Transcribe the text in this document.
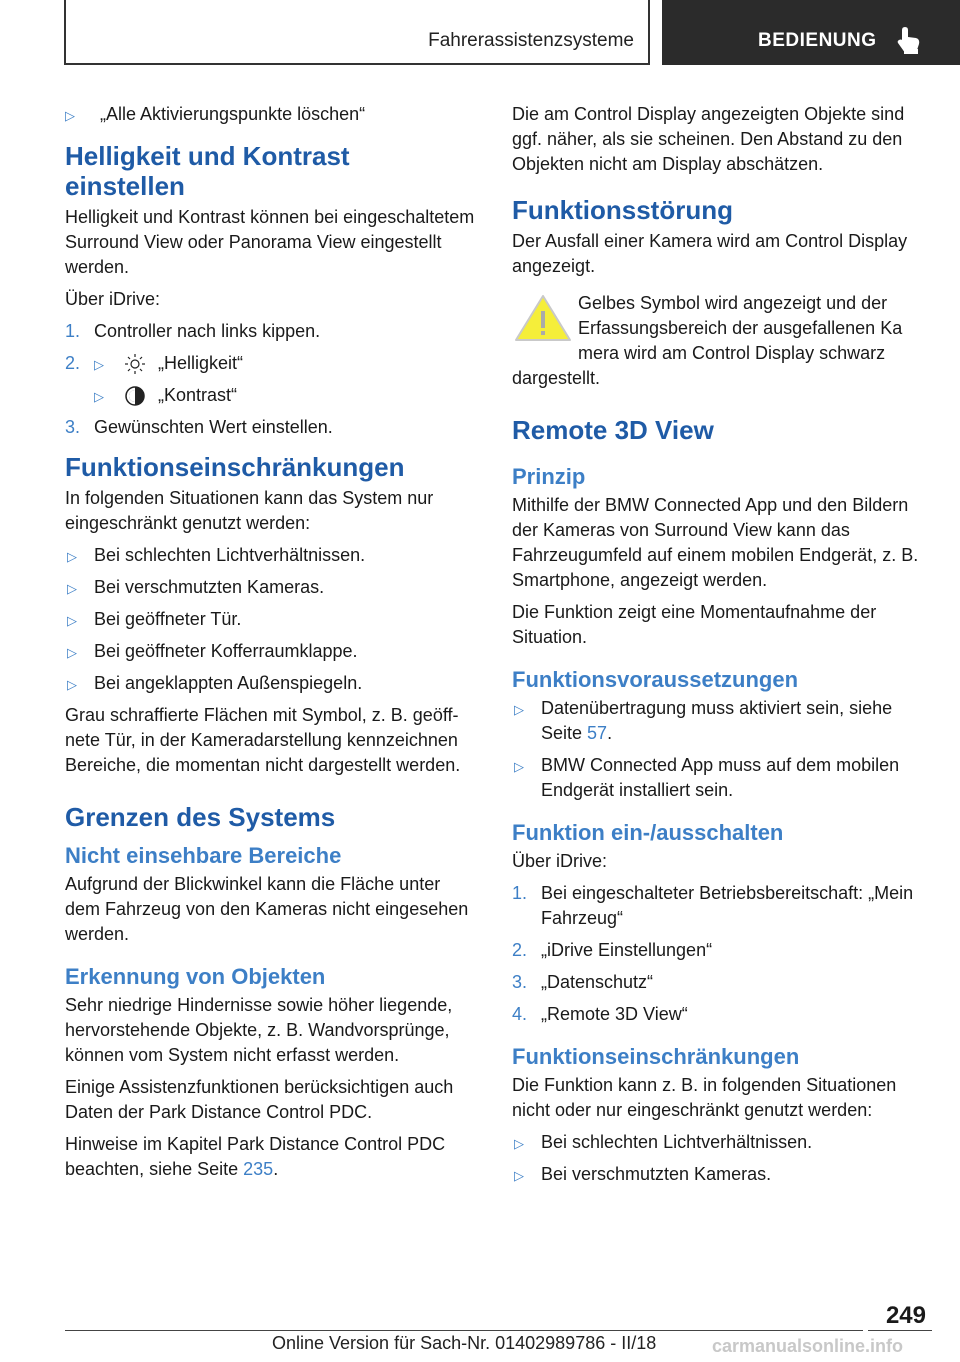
Fahrerassistenzsysteme	BEDIENUNG
▷ „Alle Aktivierungspunkte löschen“
Helligkeit und Kontrast einstellen

Helligkeit und Kontrast können bei eingeschaltetem Surround View oder Panorama View eingestellt werden.

Über iDrive:

1. Controller nach links kippen.
2. ▷	„Helligkeit“
▷	„Kontrast“
3. Gewünschten Wert einstellen.
Funktionseinschränkungen

In folgenden Situationen kann das System nur eingeschränkt genutzt werden:

▷ Bei schlechten Lichtverhältnissen.
▷ Bei verschmutzten Kameras.
▷ Bei geöffneter Tür.
▷ Bei geöffneter Kofferraumklappe.
▷ Bei angeklappten Außenspiegeln.

Grau schraffierte Flächen mit Symbol, z. B. geöffnete Tür, in der Kameradarstellung kennzeichnen Bereiche, die momentan nicht dargestellt werden.

Grenzen des Systems
Nicht einsehbare Bereiche

Aufgrund der Blickwinkel kann die Fläche unter dem Fahrzeug von den Kameras nicht eingesehen werden.

Erkennung von Objekten

Sehr niedrige Hindernisse sowie höher liegende, hervorstehende Objekte, z. B. Wandvorsprünge, können vom System nicht erfasst werden.

Einige Assistenzfunktionen berücksichtigen auch Daten der Park Distance Control PDC.

Hinweise im Kapitel Park Distance Control PDC beachten, siehe Seite 235.

Die am Control Display angezeigten Objekte sind ggf. näher, als sie scheinen. Den Abstand zu den Objekten nicht am Display abschätzen.

Funktionsstörung

Der Ausfall einer Kamera wird am Control Display angezeigt.

Gelbes Symbol wird angezeigt und der
Erfassungsbereich der ausgefallenen Ka
mera wird am Control Display schwarz
dargestellt.
Remote 3D View
Prinzip

Mithilfe der BMW Connected App und den Bildern der Kameras von Surround View kann das Fahrzeugumfeld auf einem mobilen Endgerät, z. B. Smartphone, angezeigt werden.

Die Funktion zeigt eine Momentaufnahme der Situation.

Funktionsvoraussetzungen
▷ Datenübertragung muss aktiviert sein, siehe Seite 57.
▷ BMW Connected App muss auf dem mobilen Endgerät installiert sein.
Funktion ein-/ausschalten

Über iDrive:

1. Bei eingeschalteter Betriebsbereitschaft: „Mein Fahrzeug“
2. „iDrive Einstellungen“
3. „Datenschutz“
4. „Remote 3D View“
Funktionseinschränkungen

Die Funktion kann z. B. in folgenden Situationen nicht oder nur eingeschränkt genutzt werden:

▷ Bei schlechten Lichtverhältnissen.
▷ Bei verschmutzten Kameras.
249
Online Version für Sach-Nr. 01402989786 - II/18	carmanualsonline.info
